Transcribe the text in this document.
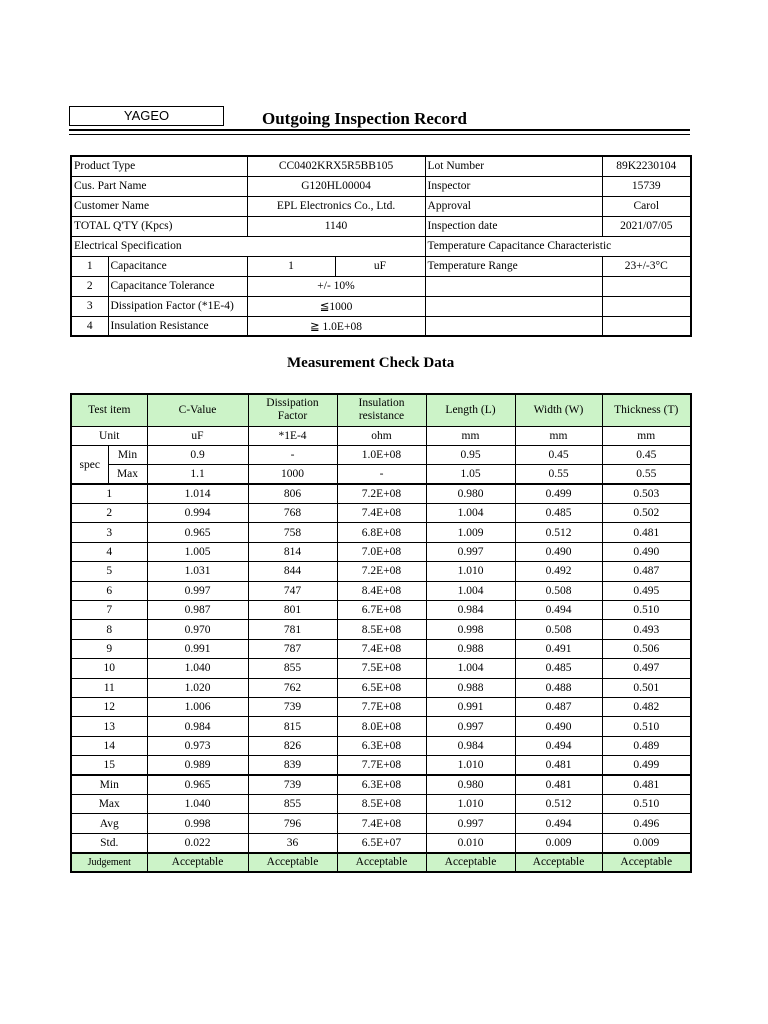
YAGEO	Outgoing Inspection Record
Product Type		CC0402KRX5R5BB105		Lot Number	89K2230104
Cus. Part Name		G120HL00004		Inspector	15739
Customer Name		EPL Electronics Co., Ltd.		Approval	Carol
TOTAL Q'TY (Kpcs)		1140		Inspection date	2021/07/05
Electrical Specification				Temperature Capacitance Characteristic	
1	Capacitance	1	uF	Temperature Range	23+/-3°C
2	Capacitance Tolerance	+/- 10%			
3	Dissipation Factor (*1E-4)	≦1000			
4	Insulation Resistance	≧ 1.0E+08			
Measurement Check Data
Test item		C-Value	Dissipation Factor	Insulation resistance	Length (L)	Width (W)	Thickness (T)
Unit		uF	*1E-4	ohm	mm	mm	mm
spec	Min	0.9	-	1.0E+08	0.95	0.45	0.45
	Max	1.1	1000	-	1.05	0.55	0.55
1		1.014	806	7.2E+08	0.980	0.499	0.503
2		0.994	768	7.4E+08	1.004	0.485	0.502
3		0.965	758	6.8E+08	1.009	0.512	0.481
4		1.005	814	7.0E+08	0.997	0.490	0.490
5		1.031	844	7.2E+08	1.010	0.492	0.487
6		0.997	747	8.4E+08	1.004	0.508	0.495
7		0.987	801	6.7E+08	0.984	0.494	0.510
8		0.970	781	8.5E+08	0.998	0.508	0.493
9		0.991	787	7.4E+08	0.988	0.491	0.506
10		1.040	855	7.5E+08	1.004	0.485	0.497
11		1.020	762	6.5E+08	0.988	0.488	0.501
12		1.006	739	7.7E+08	0.991	0.487	0.482
13		0.984	815	8.0E+08	0.997	0.490	0.510
14		0.973	826	6.3E+08	0.984	0.494	0.489
15		0.989	839	7.7E+08	1.010	0.481	0.499
Min		0.965	739	6.3E+08	0.980	0.481	0.481
Max		1.040	855	8.5E+08	1.010	0.512	0.510
Avg		0.998	796	7.4E+08	0.997	0.494	0.496
Std.		0.022	36	6.5E+07	0.010	0.009	0.009
Judgement		Acceptable	Acceptable	Acceptable	Acceptable	Acceptable	Acceptable
